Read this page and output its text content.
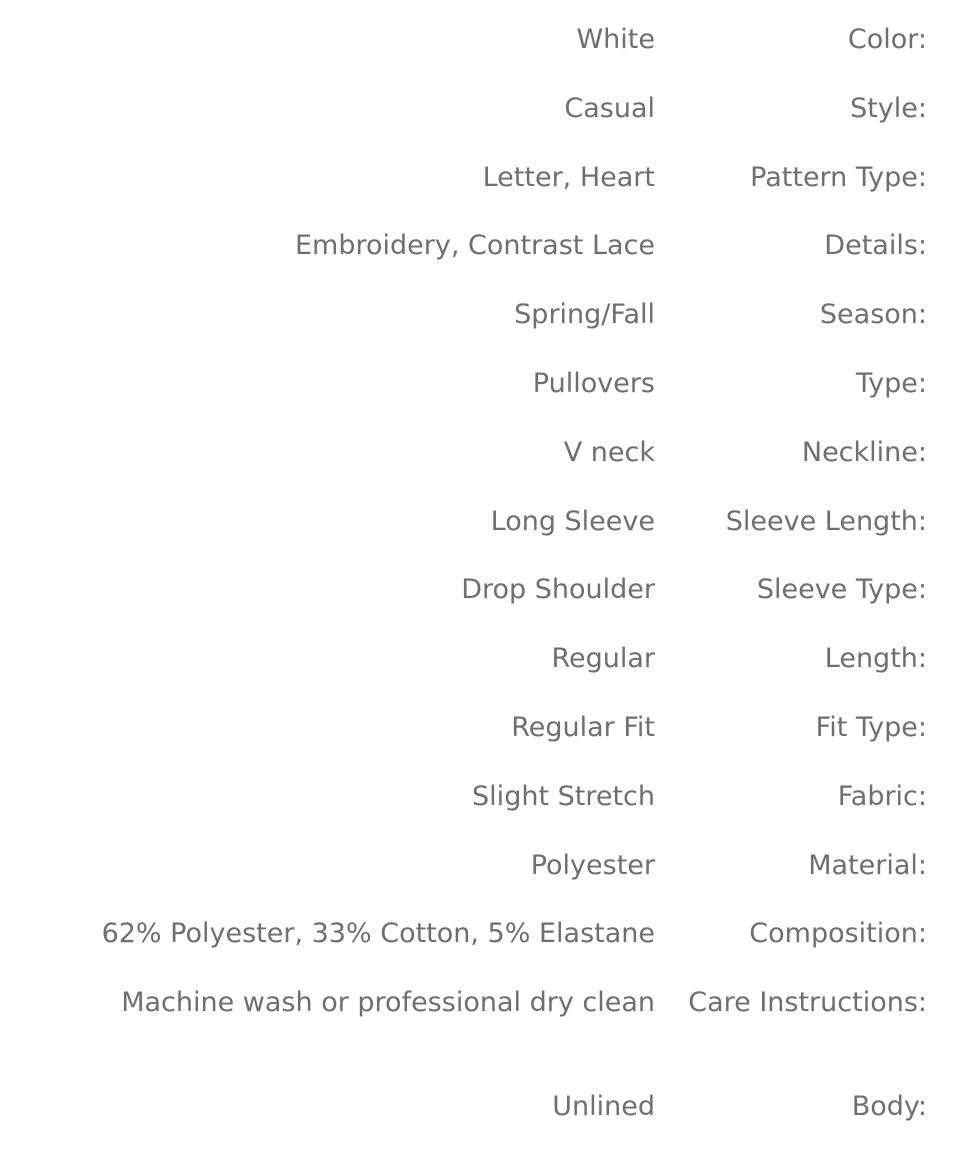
White	Color:
Casual	Style:
Letter, Heart	Pattern Type:
Embroidery, Contrast Lace	Details:
Spring/Fall	Season:
Pullovers	Type:
V neck	Neckline:
Long Sleeve	Sleeve Length:
Drop Shoulder	Sleeve Type:
Regular	Length:
Regular Fit	Fit Type:
Slight Stretch	Fabric:
Polyester	Material:
62% Polyester, 33% Cotton, 5% Elastane	Composition:
Machine wash or professional dry clean	Care Instructions:
Unlined	Body:
